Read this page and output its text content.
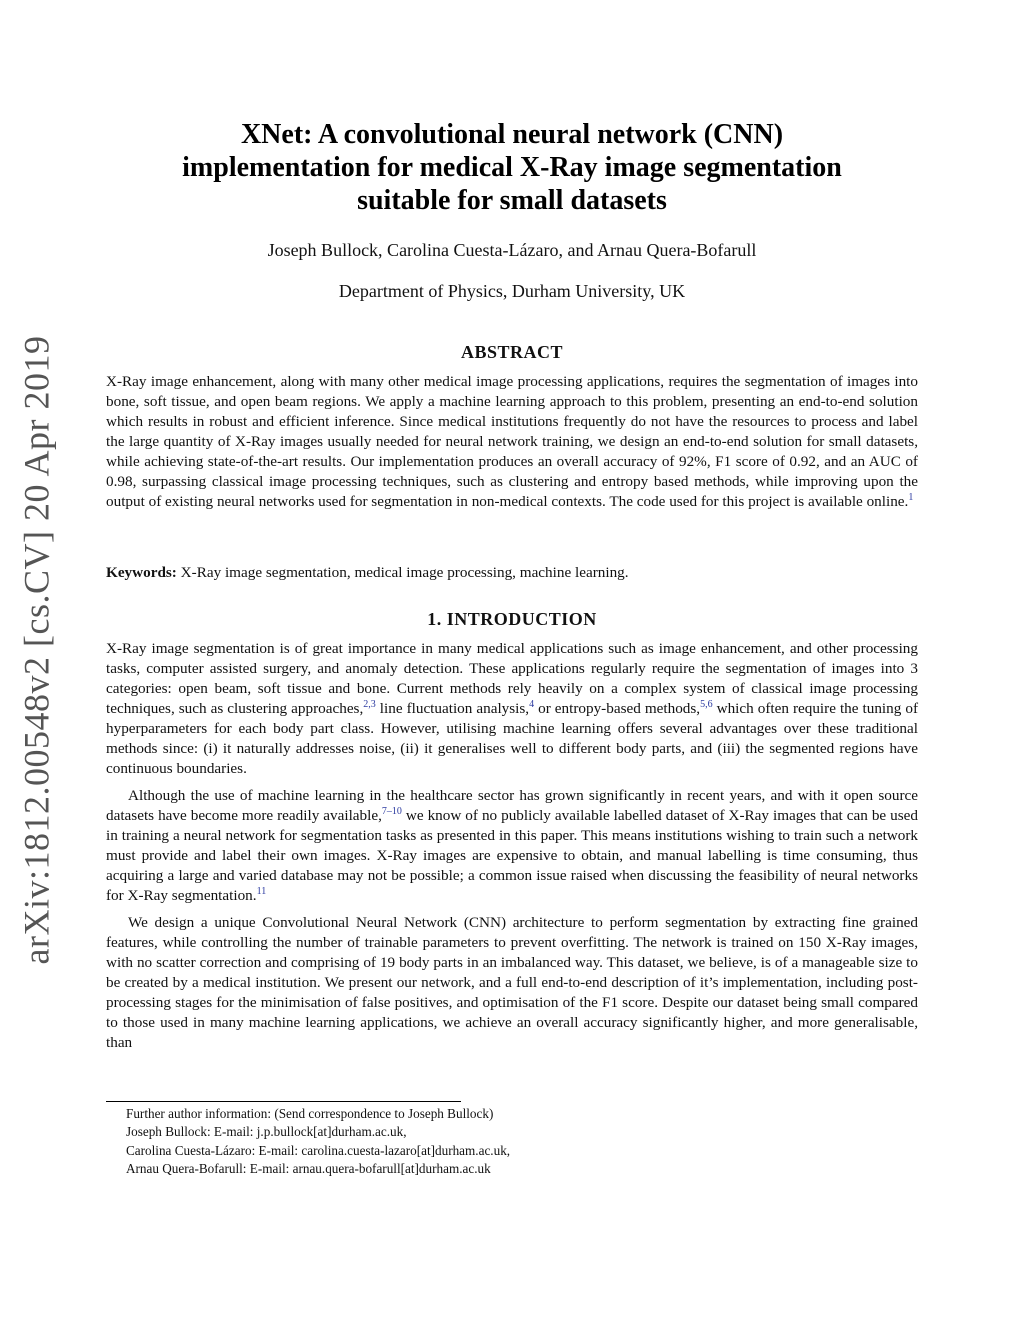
arXiv:1812.00548v2 [cs.CV] 20 Apr 2019
XNet: A convolutional neural network (CNN)
implementation for medical X-Ray image segmentation
suitable for small datasets
Joseph Bullock, Carolina Cuesta-Lázaro, and Arnau Quera-Bofarull
Department of Physics, Durham University, UK
ABSTRACT

X-Ray image enhancement, along with many other medical image processing applications, requires the segmentation of images into bone, soft tissue, and open beam regions. We apply a machine learning approach to this problem, presenting an end-to-end solution which results in robust and efficient inference. Since medical institutions frequently do not have the resources to process and label the large quantity of X-Ray images usually needed for neural network training, we design an end-to-end solution for small datasets, while achieving state-of-the-art results. Our implementation produces an overall accuracy of 92%, F1 score of 0.92, and an AUC of 0.98, surpassing classical image processing techniques, such as clustering and entropy based methods, while improving upon the output of existing neural networks used for segmentation in non-medical contexts. The code used for this project is available online.$^1$

Keywords: X-Ray image segmentation, medical image processing, machine learning.

1. INTRODUCTION

X-Ray image segmentation is of great importance in many medical applications such as image enhancement, and other processing tasks, computer assisted surgery, and anomaly detection. These applications regularly require the segmentation of images into 3 categories: open beam, soft tissue and bone. Current methods rely heavily on a complex system of classical image processing techniques, such as clustering approaches,$^{2,3}$ line fluctuation analysis,$^4$ or entropy-based methods,$^{5,6}$ which often require the tuning of hyperparameters for each body part class. However, utilising machine learning offers several advantages over these traditional methods since: (i) it naturally addresses noise, (ii) it generalises well to different body parts, and (iii) the segmented regions have continuous boundaries.

Although the use of machine learning in the healthcare sector has grown significantly in recent years, and with it open source datasets have become more readily available,$^{7-10}$ we know of no publicly available labelled dataset of X-Ray images that can be used in training a neural network for segmentation tasks as presented in this paper. This means institutions wishing to train such a network must provide and label their own images. X-Ray images are expensive to obtain, and manual labelling is time consuming, thus acquiring a large and varied database may not be possible; a common issue raised when discussing the feasibility of neural networks for X-Ray segmentation.$^{11}$

We design a unique Convolutional Neural Network (CNN) architecture to perform segmentation by extracting fine grained features, while controlling the number of trainable parameters to prevent overfitting. The network is trained on 150 X-Ray images, with no scatter correction and comprising of 19 body parts in an imbalanced way. This dataset, we believe, is of a manageable size to be created by a medical institution. We present our network, and a full end-to-end description of it’s implementation, including post-processing stages for the minimisation of false positives, and optimisation of the F1 score. Despite our dataset being small compared to those used in many machine learning applications, we achieve an overall accuracy significantly higher, and more generalisable, than

Further author information: (Send correspondence to Joseph Bullock)
Joseph Bullock: E-mail: j.p.bullock[at]durham.ac.uk,
Carolina Cuesta-Lázaro: E-mail: carolina.cuesta-lazaro[at]durham.ac.uk,
Arnau Quera-Bofarull: E-mail: arnau.quera-bofarull[at]durham.ac.uk
